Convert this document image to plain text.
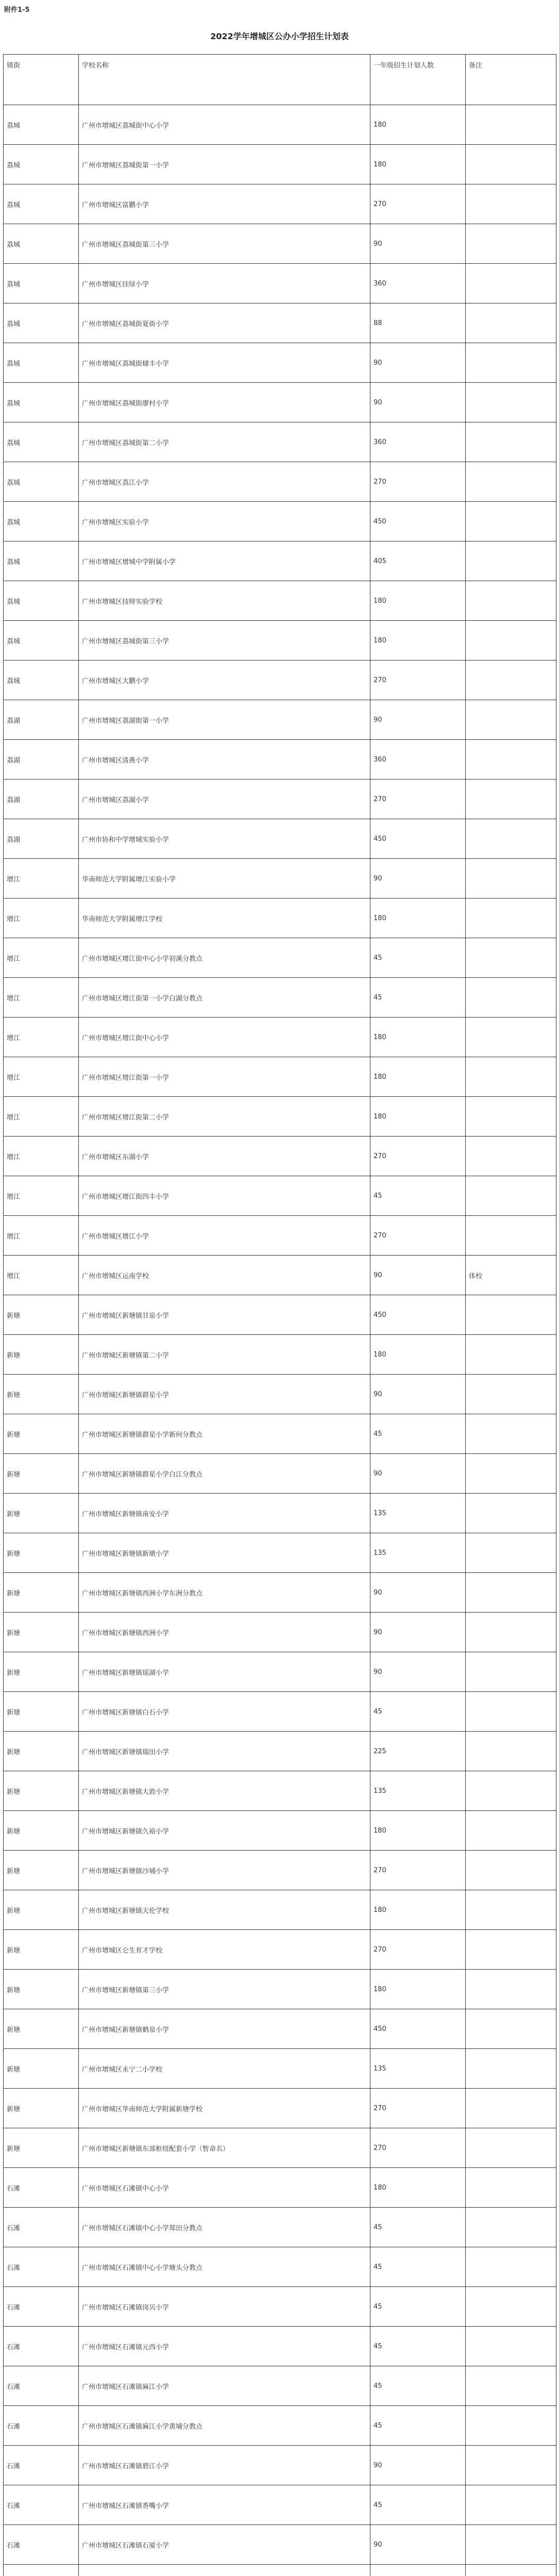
附件1-5
2022学年增城区公办小学招生计划表
镇街	学校名称	一年级招生计划人数	备注
荔城	广州市增城区荔城街中心小学	180	
荔城	广州市增城区荔城街第一小学	180	
荔城	广州市增城区富鹏小学	270	
荔城	广州市增城区荔城街第三小学	90	
荔城	广州市增城区挂绿小学	360	
荔城	广州市增城区荔城街夏街小学	88	
荔城	广州市增城区荔城街棣丰小学	90	
荔城	广州市增城区荔城街廖村小学	90	
荔城	广州市增城区荔城街第二小学	360	
荔城	广州市增城区荔江小学	270	
荔城	广州市增城区实验小学	450	
荔城	广州市增城区增城中学附属小学	405	
荔城	广州市增城区技师实验学校	180	
荔城	广州市增城区荔城街第三小学	180	
荔城	广州市增城区大鹏小学	270	
荔湖	广州市增城区荔湖街第一小学	90	
荔湖	广州市增城区清燕小学	360	
荔湖	广州市增城区荔湖小学	270	
荔湖	广州市协和中学增城实验小学	450	
增江	华南师范大学附属增江实验小学	90	
增江	华南师范大学附属增江学校	180	
增江	广州市增城区增江街中心小学初溪分教点	45	
增江	广州市增城区增江街第一小学白湖分教点	45	
增江	广州市增城区增江街中心小学	180	
增江	广州市增城区增江街第一小学	180	
增江	广州市增城区增江街第二小学	180	
增江	广州市增城区东湖小学	270	
增江	广州市增城区增江街四丰小学	45	
增江	广州市增城区增江小学	270	
增江	广州市增城区运南学校	90	体校
新塘	广州市增城区新塘镇甘泉小学	450	
新塘	广州市增城区新塘镇第二小学	180	
新塘	广州市增城区新塘镇群星小学	90	
新塘	广州市增城区新塘镇群星小学新何分教点	45	
新塘	广州市增城区新塘镇群星小学白江分教点	90	
新塘	广州市增城区新塘镇南安小学	135	
新塘	广州市增城区新塘镇新墩小学	135	
新塘	广州市增城区新塘镇西洲小学东洲分教点	90	
新塘	广州市增城区新塘镇西洲小学	90	
新塘	广州市增城区新塘镇瑶湖小学	90	
新塘	广州市增城区新塘镇白石小学	45	
新塘	广州市增城区新塘镇瑞田小学	225	
新塘	广州市增城区新塘镇大敦小学	135	
新塘	广州市增城区新塘镇久裕小学	180	
新塘	广州市增城区新塘镇沙埔小学	270	
新塘	广州市增城区新塘镇天伦学校	180	
新塘	广州市增城区仑生育才学校	270	
新塘	广州市增城区新塘镇第三小学	180	
新塘	广州市增城区新塘镇鹤泉小学	450	
新塘	广州市增城区永宁二小学校	135	
新塘	广州市增城区华南师范大学附属新塘学校	270	
新塘	广州市增城区新塘镇东部枢纽配套小学（暂命名）	270	
石滩	广州市增城区石滩镇中心小学	180	
石滩	广州市增城区石滩镇中心小学郑田分教点	45	
石滩	广州市增城区石滩镇中心小学塘头分教点	45	
石滩	广州市增城区石滩镇岗贝小学	45	
石滩	广州市增城区石滩镇元西小学	45	
石滩	广州市增城区石滩镇麻江小学	45	
石滩	广州市增城区石滩镇麻江小学黄埔分教点	45	
石滩	广州市增城区石滩镇碧江小学	90	
石滩	广州市增城区石滩镇香嘴小学	45	
石滩	广州市增城区石滩镇石厦小学	90	
